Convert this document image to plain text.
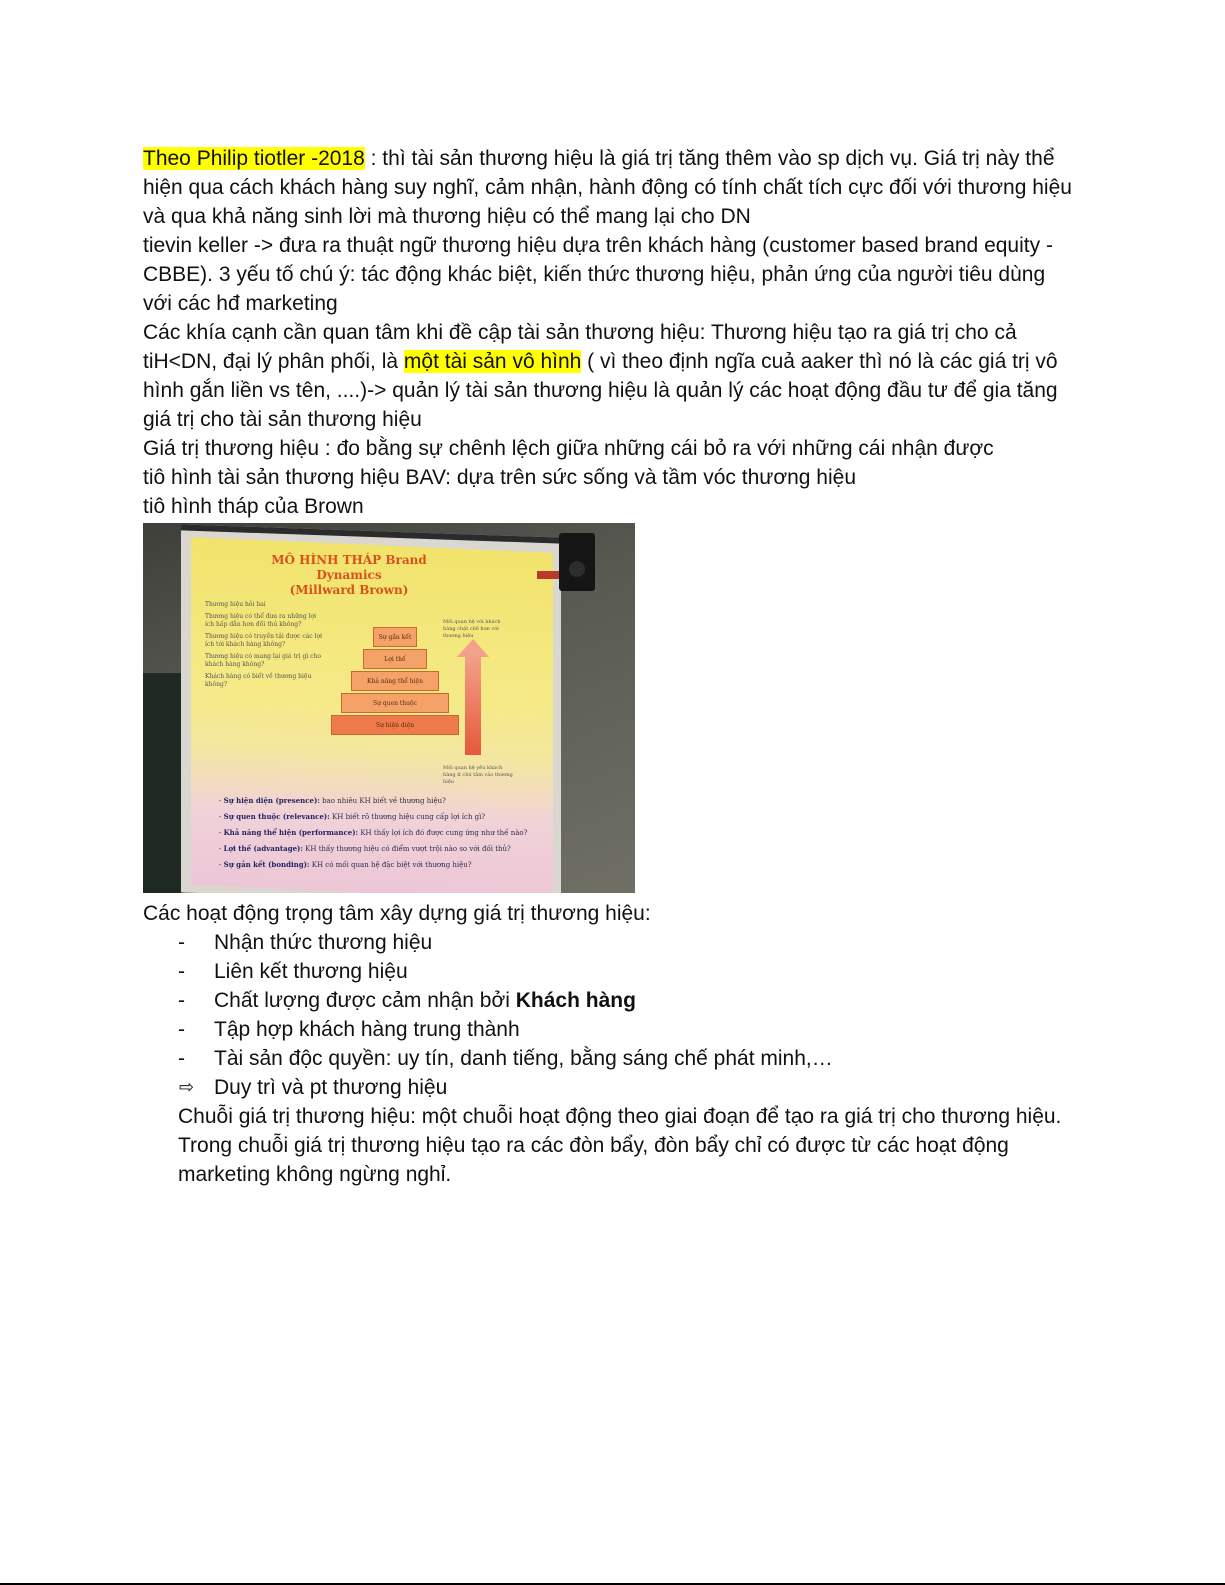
Theo Philip tiotler -2018 : thì tài sản thương hiệu là giá trị tăng thêm vào sp dịch vụ. Giá trị này thể hiện qua cách khách hàng suy nghĩ, cảm nhận, hành động có tính chất tích cực đối với thương hiệu và qua khả năng sinh lời mà thương hiệu có thể mang lại cho DN

tievin keller -> đưa ra thuật ngữ thương hiệu dựa trên khách hàng (customer based brand equity -CBBE). 3 yếu tố chú ý: tác động khác biệt, kiến thức thương hiệu, phản ứng của người tiêu dùng với các hđ marketing

Các khía cạnh cần quan tâm khi đề cập tài sản thương hiệu: Thương hiệu tạo ra giá trị cho cả tiH<DN, đại lý phân phối, là một tài sản vô hình ( vì theo định ngĩa cuả aaker thì nó là các giá trị vô hình gắn liền vs tên, ....)-> quản lý tài sản thương hiệu là quản lý các hoạt động đầu tư để gia tăng giá trị cho tài sản thương hiệu

Giá trị thương hiệu : đo bằng sự chênh lệch giữa những cái bỏ ra với những cái nhận được

tiô hình tài sản thương hiệu BAV: dựa trên sức sống và tầm vóc thương hiệu

tiô hình tháp của Brown

MÔ HÌNH THÁP Brand Dynamics
(Millward Brown)
Thương hiệu hỏi hai
Thương hiệu có thể đưa ra những lợi ích hấp dẫn hơn đối thủ không?
Thương hiệu có truyền tải được các lợi ích tới khách hàng không?
Thương hiệu có mang lại giá trị gì cho khách hàng không?
Khách hàng có biết về thương hiệu không?
Sự gắn kết
Lợi thế
Khả năng thể hiện
Sự quen thuộc
Sự hiện diện
Mối quan hệ với khách hàng chặt chẽ hơn với thương hiệu
Mối quan hệ yếu khách hàng ít chú tâm vào thương hiệu
- Sự hiện diện (presence): bao nhiêu KH biết về thương hiệu?
- Sự quen thuộc (relevance): KH biết rõ thương hiệu cung cấp lợi ích gì?
- Khả năng thể hiện (performance): KH thấy lợi ích đó được cung ứng như thế nào?
- Lợi thế (advantage): KH thấy thương hiệu có điểm vượt trội nào so với đối thủ?
- Sự gắn kết (bonding): KH có mối quan hệ đặc biệt với thương hiệu?

Các hoạt động trọng tâm xây dựng giá trị thương hiệu:

- Nhận thức thương hiệu
- Liên kết thương hiệu
- Chất lượng được cảm nhận bởi Khách hàng
- Tập hợp khách hàng trung thành
- Tài sản độc quyền: uy tín, danh tiếng, bằng sáng chế phát minh,…
⇨ Duy trì và pt thương hiệu

Chuỗi giá trị thương hiệu: một chuỗi hoạt động theo giai đoạn để tạo ra giá trị cho thương hiệu. Trong chuỗi giá trị thương hiệu tạo ra các đòn bẩy, đòn bẩy chỉ có được từ các hoạt động marketing không ngừng nghỉ.
